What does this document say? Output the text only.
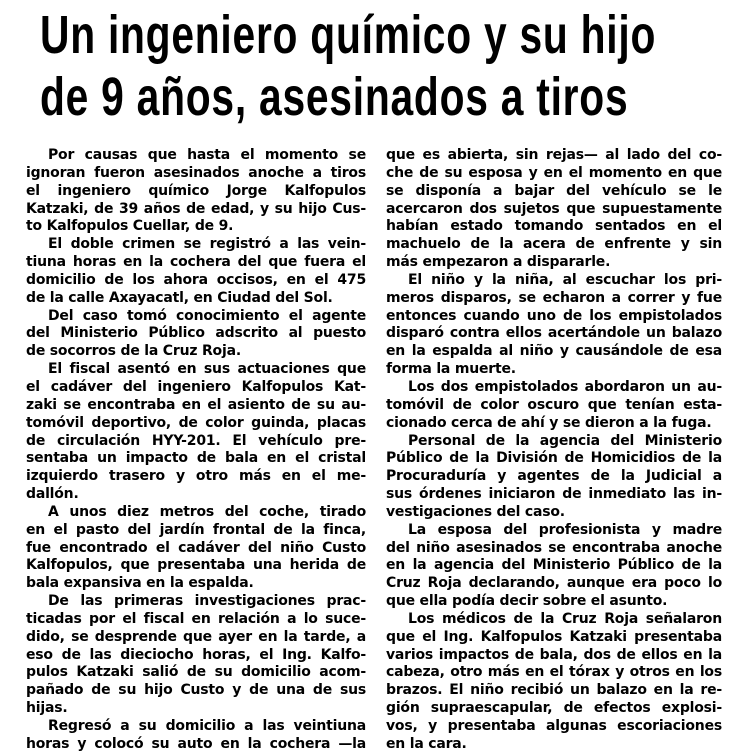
Un ingeniero químico y su hijo
de 9 años, asesinados a tiros
Por causas que hasta el momento se
ignoran fueron asesinados anoche a tiros
el ingeniero químico Jorge Kalfopulos
Katzaki, de 39 años de edad, y su hijo Cus-
to Kalfopulos Cuellar, de 9.
El doble crimen se registró a las vein-
tiuna horas en la cochera del que fuera el
domicilio de los ahora occisos, en el 475
de la calle Axayacatl, en Ciudad del Sol.
Del caso tomó conocimiento el agente
del Ministerio Público adscrito al puesto
de socorros de la Cruz Roja.
El fiscal asentó en sus actuaciones que
el cadáver del ingeniero Kalfopulos Kat-
zaki se encontraba en el asiento de su au-
tomóvil deportivo, de color guinda, placas
de circulación HYY-201. El vehículo pre-
sentaba un impacto de bala en el cristal
izquierdo trasero y otro más en el me-
dallón.
A unos diez metros del coche, tirado
en el pasto del jardín frontal de la finca,
fue encontrado el cadáver del niño Custo
Kalfopulos, que presentaba una herida de
bala expansiva en la espalda.
De las primeras investigaciones prac-
ticadas por el fiscal en relación a lo suce-
dido, se desprende que ayer en la tarde, a
eso de las dieciocho horas, el Ing. Kalfo-
pulos Katzaki salió de su domicilio acom-
pañado de su hijo Custo y de una de sus
hijas.
Regresó a su domicilio a las veintiuna
horas y colocó su auto en la cochera —la
que es abierta, sin rejas— al lado del co-
che de su esposa y en el momento en que
se disponía a bajar del vehículo se le
acercaron dos sujetos que supuestamente
habían estado tomando sentados en el
machuelo de la acera de enfrente y sin
más empezaron a dispararle.
El niño y la niña, al escuchar los pri-
meros disparos, se echaron a correr y fue
entonces cuando uno de los empistolados
disparó contra ellos acertándole un balazo
en la espalda al niño y causándole de esa
forma la muerte.
Los dos empistolados abordaron un au-
tomóvil de color oscuro que tenían esta-
cionado cerca de ahí y se dieron a la fuga.
Personal de la agencia del Ministerio
Público de la División de Homicidios de la
Procuraduría y agentes de la Judicial a
sus órdenes iniciaron de inmediato las in-
vestigaciones del caso.
La esposa del profesionista y madre
del niño asesinados se encontraba anoche
en la agencia del Ministerio Público de la
Cruz Roja declarando, aunque era poco lo
que ella podía decir sobre el asunto.
Los médicos de la Cruz Roja señalaron
que el Ing. Kalfopulos Katzaki presentaba
varios impactos de bala, dos de ellos en la
cabeza, otro más en el tórax y otros en los
brazos. El niño recibió un balazo en la re-
gión supraescapular, de efectos explosi-
vos, y presentaba algunas escoriaciones
en la cara.
